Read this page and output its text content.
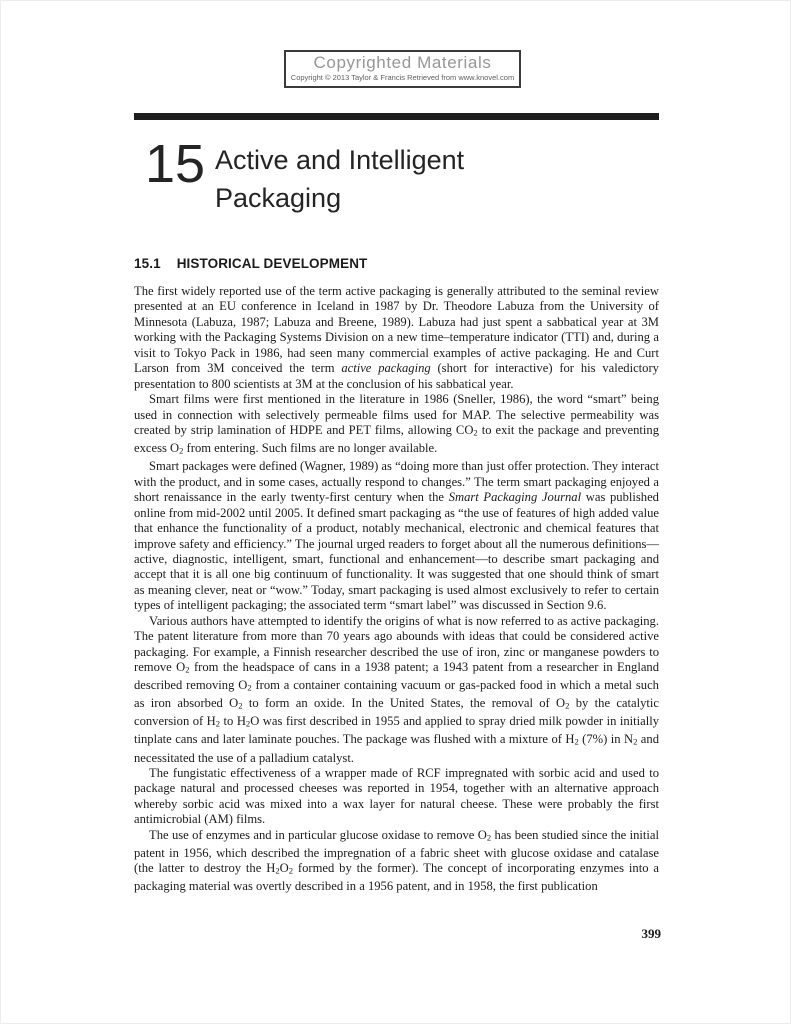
Copyrighted Materials
Copyright © 2013 Taylor & Francis Retrieved from www.knovel.com
15 Active and Intelligent Packaging
15.1 HISTORICAL DEVELOPMENT

The first widely reported use of the term active packaging is generally attributed to the seminal review presented at an EU conference in Iceland in 1987 by Dr. Theodore Labuza from the University of Minnesota (Labuza, 1987; Labuza and Breene, 1989). Labuza had just spent a sabbatical year at 3M working with the Packaging Systems Division on a new time–temperature indicator (TTI) and, during a visit to Tokyo Pack in 1986, had seen many commercial examples of active packaging. He and Curt Larson from 3M conceived the term active packaging (short for interactive) for his valedictory presentation to 800 scientists at 3M at the conclusion of his sabbatical year.

Smart films were first mentioned in the literature in 1986 (Sneller, 1986), the word “smart” being used in connection with selectively permeable films used for MAP. The selective permeability was created by strip lamination of HDPE and PET films, allowing CO2 to exit the package and preventing excess O2 from entering. Such films are no longer available.

Smart packages were defined (Wagner, 1989) as “doing more than just offer protection. They interact with the product, and in some cases, actually respond to changes.” The term smart packaging enjoyed a short renaissance in the early twenty-first century when the Smart Packaging Journal was published online from mid-2002 until 2005. It defined smart packaging as “the use of features of high added value that enhance the functionality of a product, notably mechanical, electronic and chemical features that improve safety and efficiency.” The journal urged readers to forget about all the numerous definitions—active, diagnostic, intelligent, smart, functional and enhancement—to describe smart packaging and accept that it is all one big continuum of functionality. It was suggested that one should think of smart as meaning clever, neat or “wow.” Today, smart packaging is used almost exclusively to refer to certain types of intelligent packaging; the associated term “smart label” was discussed in Section 9.6.

Various authors have attempted to identify the origins of what is now referred to as active packaging. The patent literature from more than 70 years ago abounds with ideas that could be considered active packaging. For example, a Finnish researcher described the use of iron, zinc or manganese powders to remove O2 from the headspace of cans in a 1938 patent; a 1943 patent from a researcher in England described removing O2 from a container containing vacuum or gas-packed food in which a metal such as iron absorbed O2 to form an oxide. In the United States, the removal of O2 by the catalytic conversion of H2 to H2O was first described in 1955 and applied to spray dried milk powder in initially tinplate cans and later laminate pouches. The package was flushed with a mixture of H2 (7%) in N2 and necessitated the use of a palladium catalyst.

The fungistatic effectiveness of a wrapper made of RCF impregnated with sorbic acid and used to package natural and processed cheeses was reported in 1954, together with an alternative approach whereby sorbic acid was mixed into a wax layer for natural cheese. These were probably the first antimicrobial (AM) films.

The use of enzymes and in particular glucose oxidase to remove O2 has been studied since the initial patent in 1956, which described the impregnation of a fabric sheet with glucose oxidase and catalase (the latter to destroy the H2O2 formed by the former). The concept of incorporating enzymes into a packaging material was overtly described in a 1956 patent, and in 1958, the first publication

399
